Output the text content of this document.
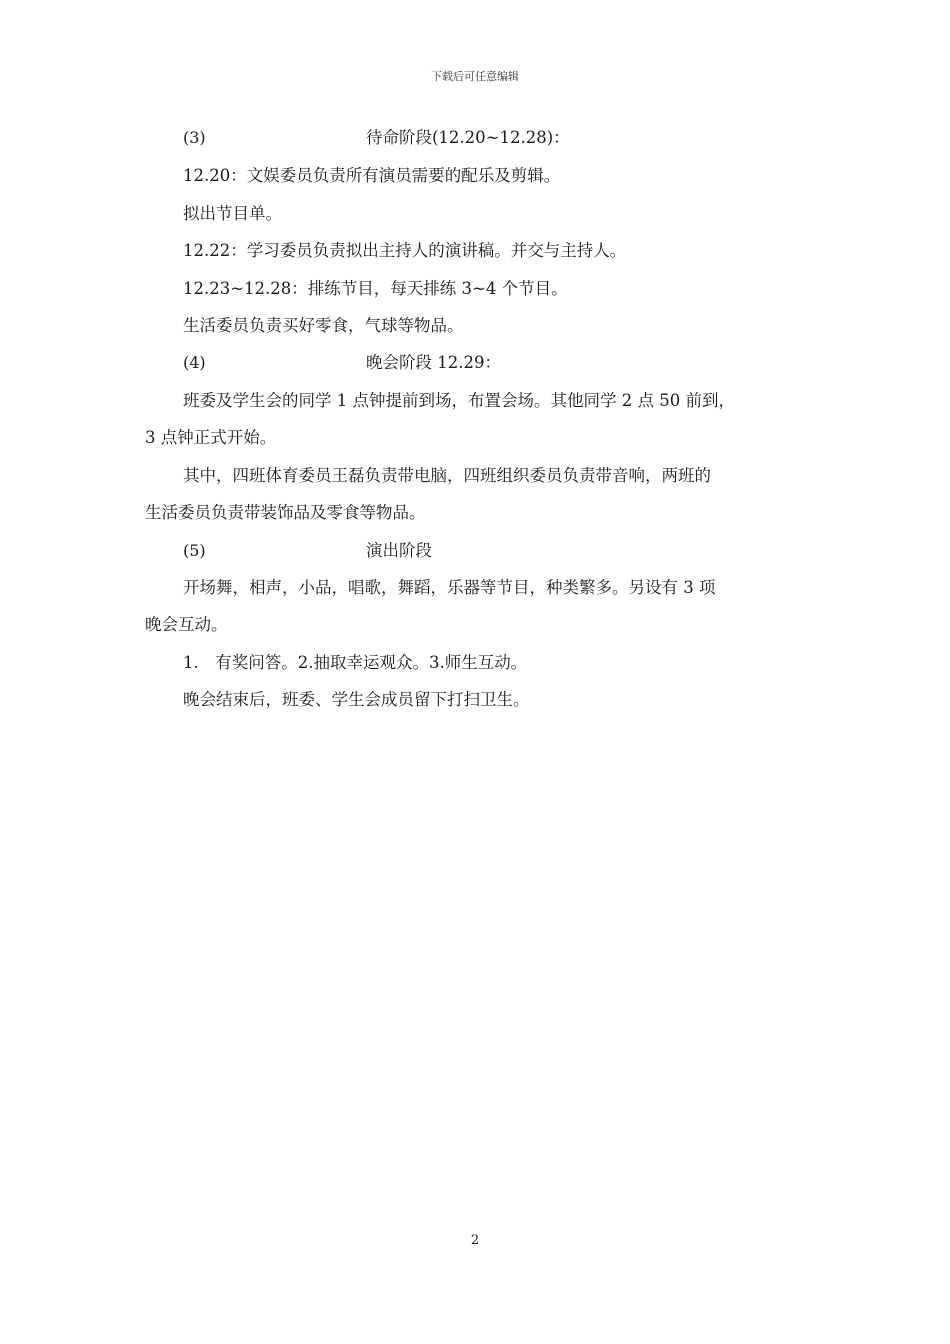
下载后可任意编辑
(3)	待命阶段(12.20~12.28)：
12.20：文娱委员负责所有演员需要的配乐及剪辑。
拟出节目单。
12.22：学习委员负责拟出主持人的演讲稿。并交与主持人。
12.23~12.28：排练节目，每天排练 3~4 个节目。
生活委员负责买好零食，气球等物品。
(4)	晚会阶段 12.29：
班委及学生会的同学 1 点钟提前到场，布置会场。其他同学 2 点 50 前到，
3 点钟正式开始。
其中，四班体育委员王磊负责带电脑，四班组织委员负责带音响，两班的
生活委员负责带装饰品及零食等物品。
(5)	演出阶段
开场舞，相声，小品，唱歌，舞蹈，乐器等节目，种类繁多。另设有 3 项
晚会互动。
1.　有奖问答。2.抽取幸运观众。3.师生互动。
晚会结束后，班委、学生会成员留下打扫卫生。
2
